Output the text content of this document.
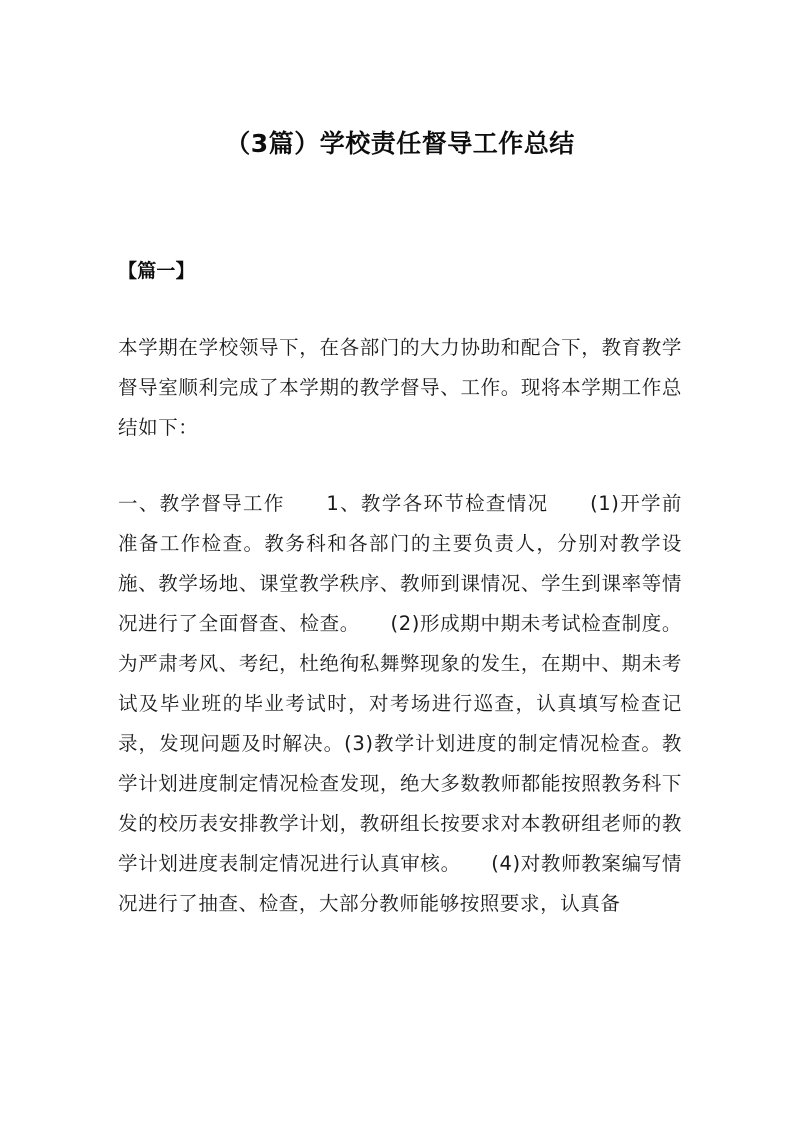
（3篇）学校责任督导工作总结
【篇一】

本学期在学校领导下，在各部门的大力协助和配合下，教育教学督导室顺利完成了本学期的教学督导、工作。现将本学期工作总结如下：

一、教学督导工作　　1、教学各环节检查情况　　(1)开学前准备工作检查。教务科和各部门的主要负责人，分别对教学设施、教学场地、课堂教学秩序、教师到课情况、学生到课率等情况进行了全面督查、检查。　　(2)形成期中期未考试检查制度。为严肃考风、考纪，杜绝徇私舞弊现象的发生，在期中、期未考试及毕业班的毕业考试时，对考场进行巡查，认真填写检查记录，发现问题及时解决。(3)教学计划进度的制定情况检查。教学计划进度制定情况检查发现，绝大多数教师都能按照教务科下发的校历表安排教学计划，教研组长按要求对本教研组老师的教学计划进度表制定情况进行认真审核。　　(4)对教师教案编写情况进行了抽查、检查，大部分教师能够按照要求，认真备
